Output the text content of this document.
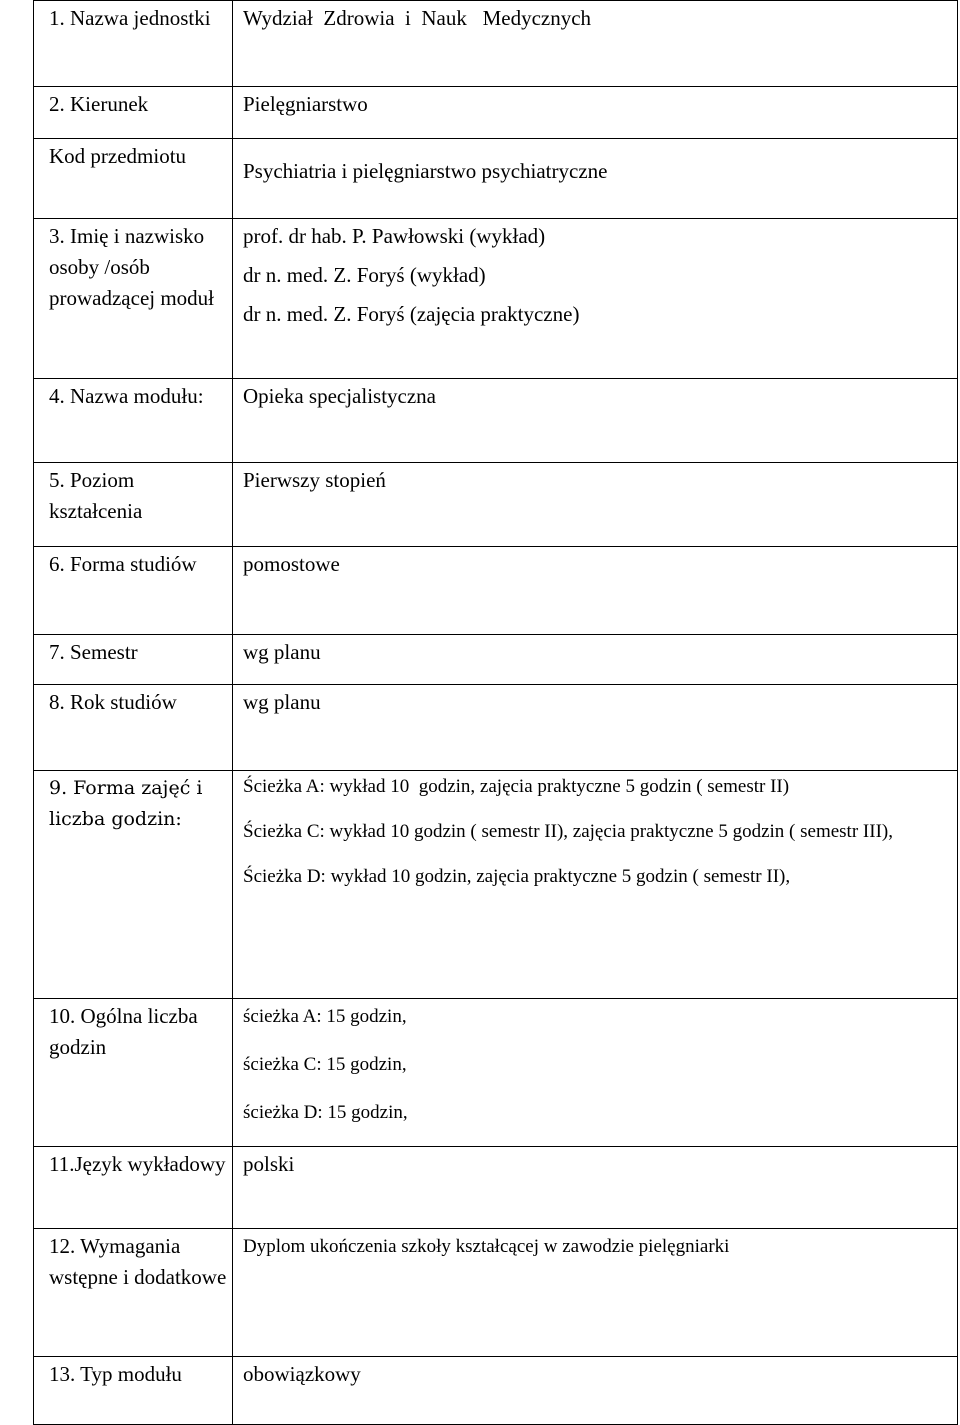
1. Nazwa jednostki	Wydział  Zdrowia  i  Nauk   Medycznych

2. Kierunek	Pielęgniarstwo

Kod przedmiotu	Psychiatria i pielęgniarstwo psychiatryczne

3. Imię i nazwisko osoby /osób prowadzącej moduł	prof. dr hab. P. Pawłowski (wykład)
dr n. med. Z. Foryś (wykład)
dr n. med. Z. Foryś (zajęcia praktyczne)

4. Nazwa modułu:	Opieka specjalistyczna

5. Poziom kształcenia	Pierwszy stopień

6. Forma studiów	pomostowe

7. Semestr	wg planu

8. Rok studiów	wg planu

9. Forma zajęć i liczba godzin:	Ścieżka A: wykład 10  godzin, zajęcia praktyczne 5 godzin ( semestr II)
Ścieżka C: wykład 10 godzin ( semestr II), zajęcia praktyczne 5 godzin ( semestr III),
Ścieżka D: wykład 10 godzin, zajęcia praktyczne 5 godzin ( semestr II),

10. Ogólna liczba godzin	ścieżka A: 15 godzin,
ścieżka C: 15 godzin,
ścieżka D: 15 godzin,

11.Język wykładowy	polski

12. Wymagania wstępne i dodatkowe	Dyplom ukończenia szkoły kształcącej w zawodzie pielęgniarki

13. Typ modułu	obowiązkowy
